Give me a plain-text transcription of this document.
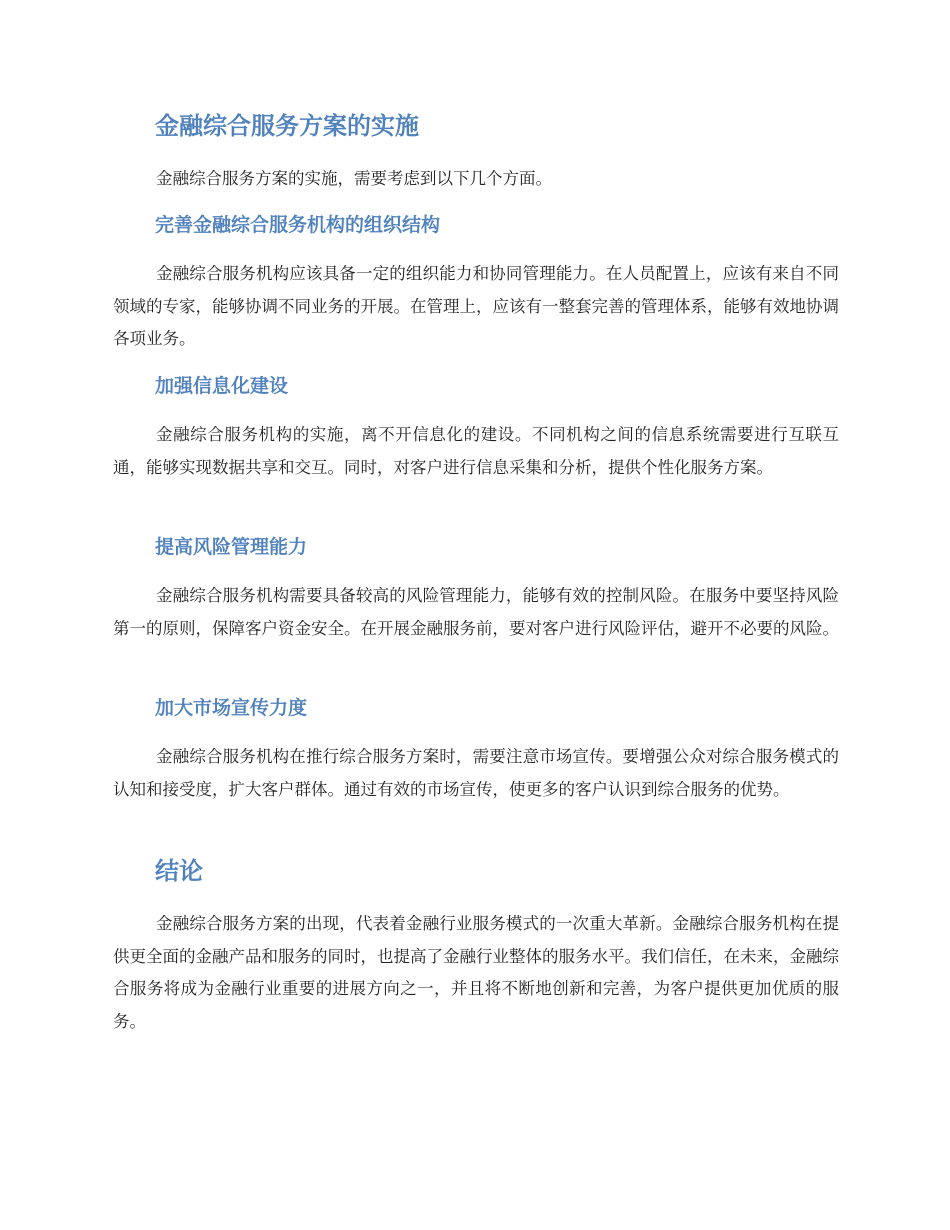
金融综合服务方案的实施

金融综合服务方案的实施，需要考虑到以下几个方面。

完善金融综合服务机构的组织结构

金融综合服务机构应该具备一定的组织能力和协同管理能力。在人员配置上，应该有来自不同领域的专家，能够协调不同业务的开展。在管理上，应该有一整套完善的管理体系，能够有效地协调各项业务。

加强信息化建设

金融综合服务机构的实施，离不开信息化的建设。不同机构之间的信息系统需要进行互联互通，能够实现数据共享和交互。同时，对客户进行信息采集和分析，提供个性化服务方案。

提高风险管理能力

金融综合服务机构需要具备较高的风险管理能力，能够有效的控制风险。在服务中要坚持风险第一的原则，保障客户资金安全。在开展金融服务前，要对客户进行风险评估，避开不必要的风险。

加大市场宣传力度

金融综合服务机构在推行综合服务方案时，需要注意市场宣传。要增强公众对综合服务模式的认知和接受度，扩大客户群体。通过有效的市场宣传，使更多的客户认识到综合服务的优势。

结论

金融综合服务方案的出现，代表着金融行业服务模式的一次重大革新。金融综合服务机构在提供更全面的金融产品和服务的同时，也提高了金融行业整体的服务水平。我们信任，在未来，金融综合服务将成为金融行业重要的进展方向之一，并且将不断地创新和完善，为客户提供更加优质的服务。
